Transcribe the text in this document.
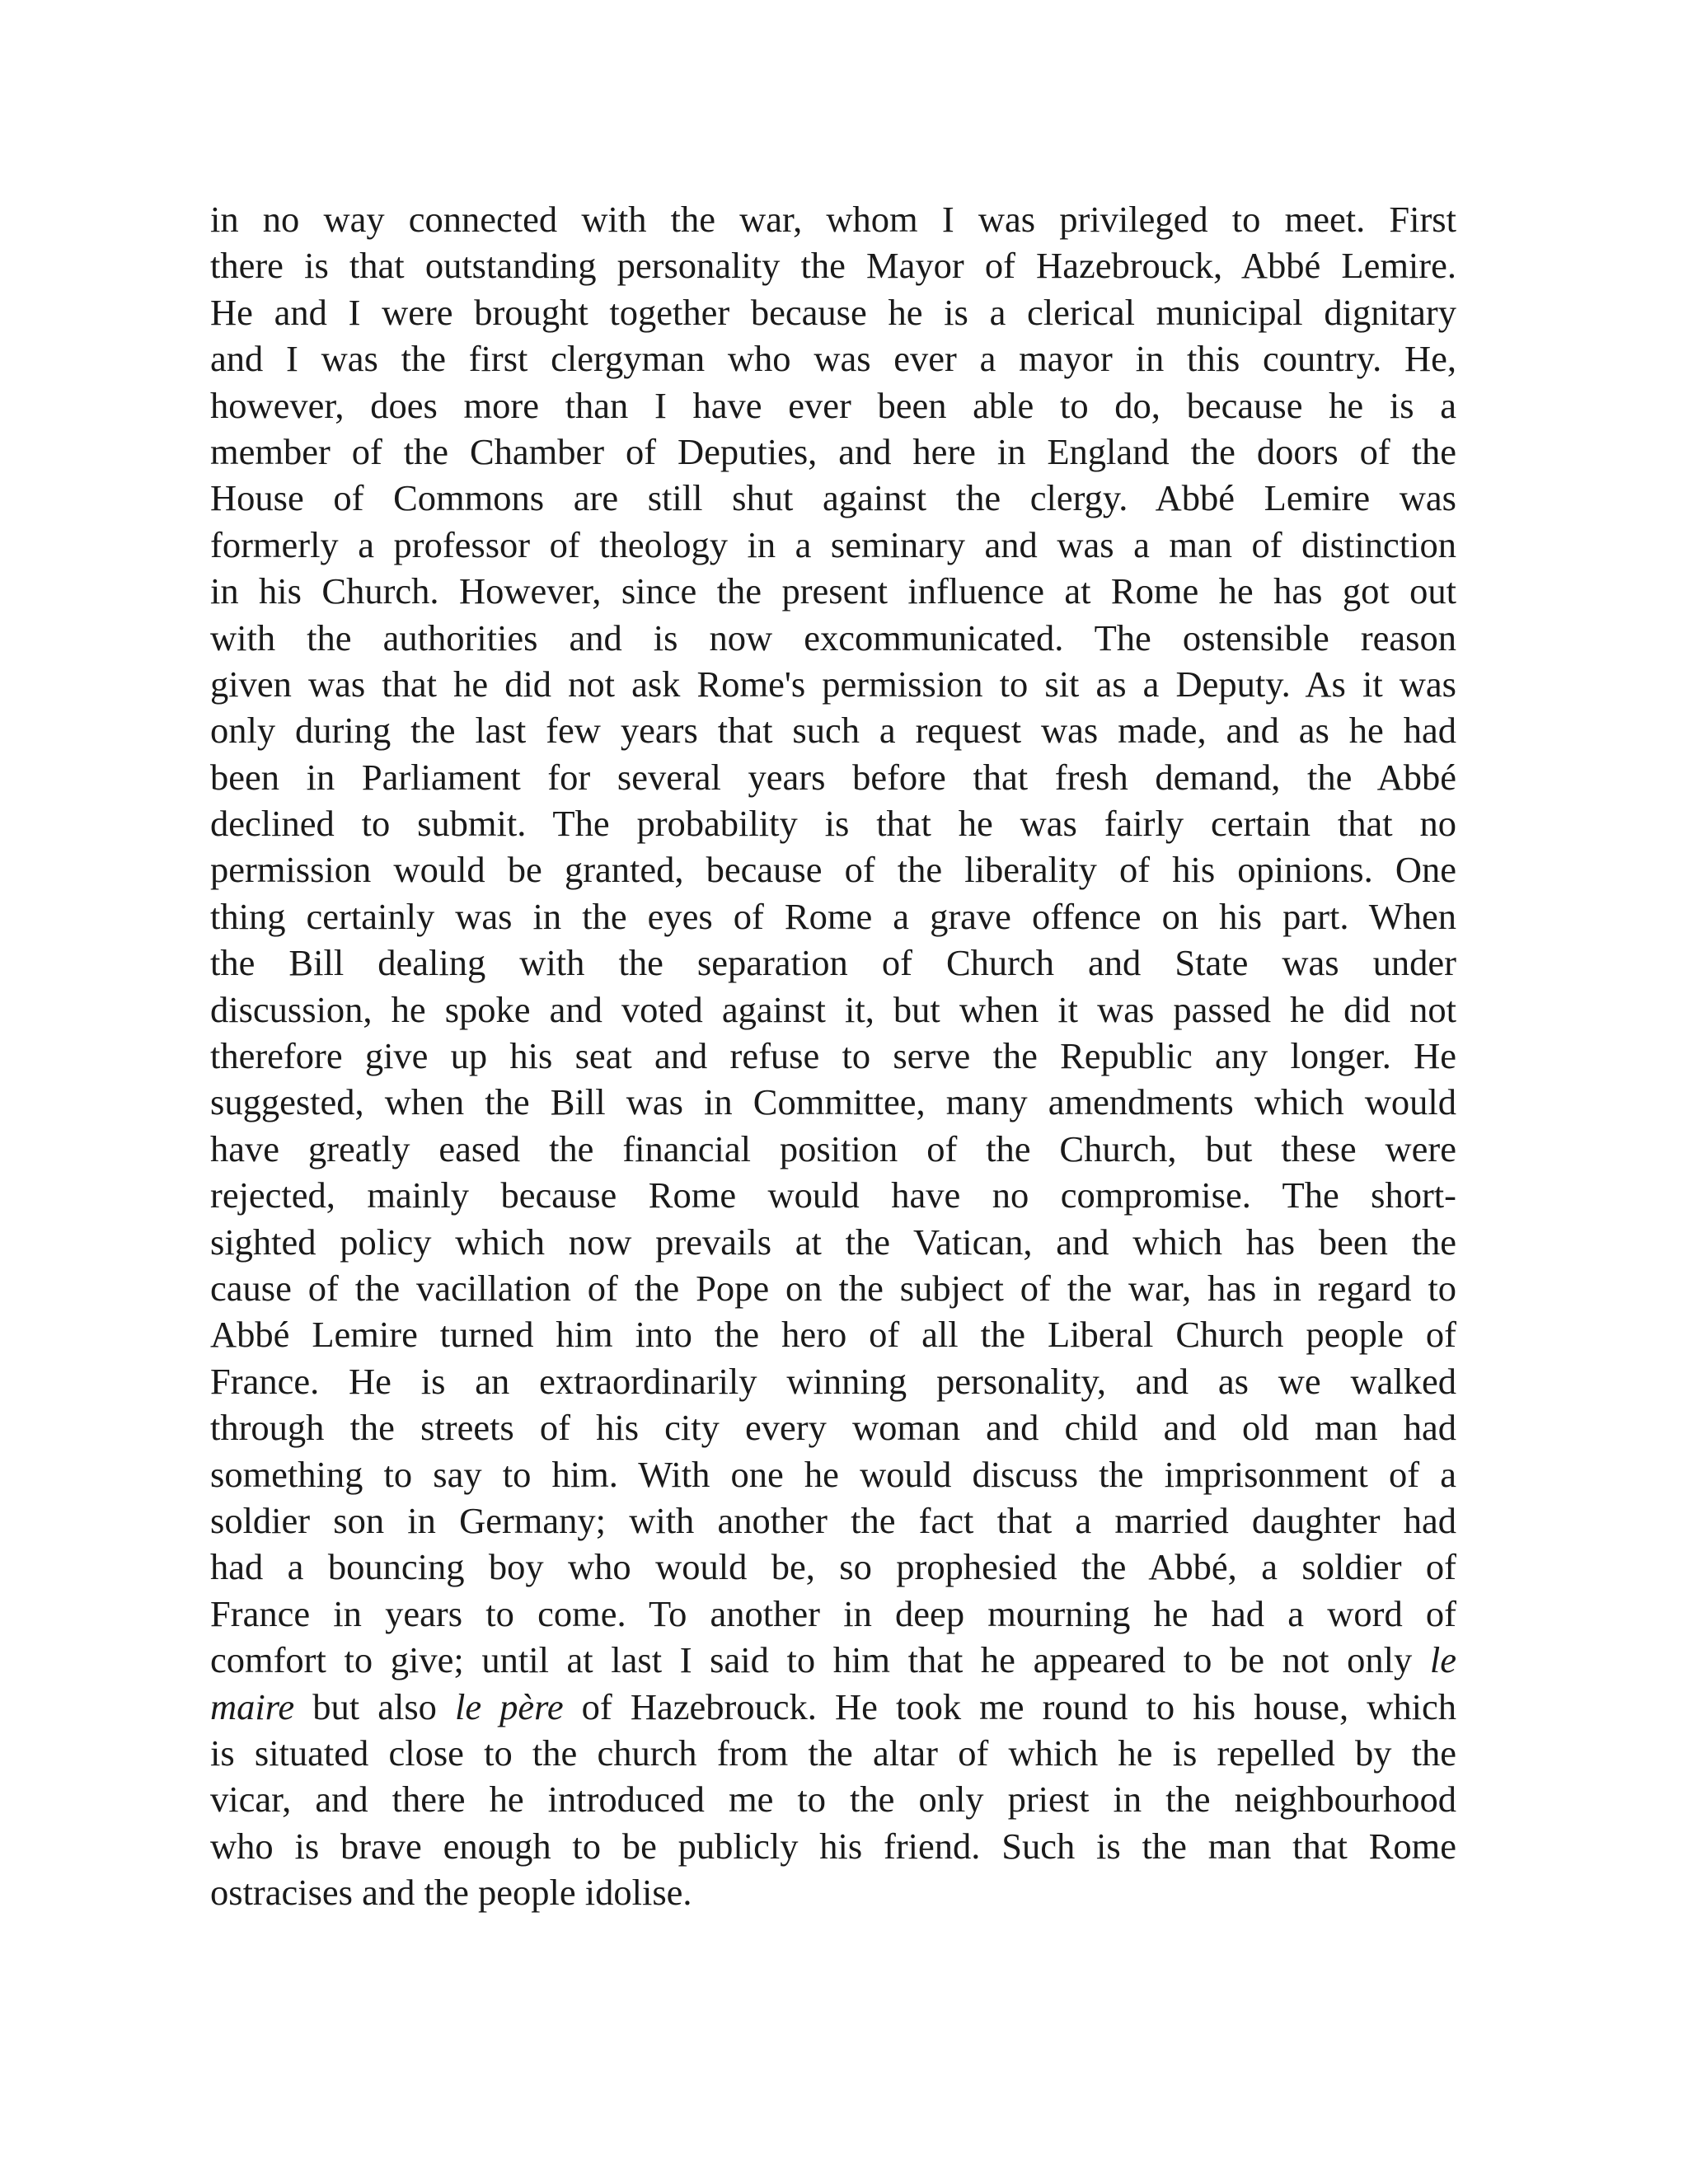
in no way connected with the war, whom I was privileged to meet. First
there is that outstanding personality the Mayor of Hazebrouck, Abbé Lemire.
He and I were brought together because he is a clerical municipal dignitary
and I was the first clergyman who was ever a mayor in this country. He,
however, does more than I have ever been able to do, because he is a
member of the Chamber of Deputies, and here in England the doors of the
House of Commons are still shut against the clergy. Abbé Lemire was
formerly a professor of theology in a seminary and was a man of distinction
in his Church. However, since the present influence at Rome he has got out
with the authorities and is now excommunicated. The ostensible reason
given was that he did not ask Rome's permission to sit as a Deputy. As it was
only during the last few years that such a request was made, and as he had
been in Parliament for several years before that fresh demand, the Abbé
declined to submit. The probability is that he was fairly certain that no
permission would be granted, because of the liberality of his opinions. One
thing certainly was in the eyes of Rome a grave offence on his part. When
the Bill dealing with the separation of Church and State was under
discussion, he spoke and voted against it, but when it was passed he did not
therefore give up his seat and refuse to serve the Republic any longer. He
suggested, when the Bill was in Committee, many amendments which would
have greatly eased the financial position of the Church, but these were
rejected, mainly because Rome would have no compromise. The short-
sighted policy which now prevails at the Vatican, and which has been the
cause of the vacillation of the Pope on the subject of the war, has in regard to
Abbé Lemire turned him into the hero of all the Liberal Church people of
France. He is an extraordinarily winning personality, and as we walked
through the streets of his city every woman and child and old man had
something to say to him. With one he would discuss the imprisonment of a
soldier son in Germany; with another the fact that a married daughter had
had a bouncing boy who would be, so prophesied the Abbé, a soldier of
France in years to come. To another in deep mourning he had a word of
comfort to give; until at last I said to him that he appeared to be not only le
maire but also le père of Hazebrouck. He took me round to his house, which
is situated close to the church from the altar of which he is repelled by the
vicar, and there he introduced me to the only priest in the neighbourhood
who is brave enough to be publicly his friend. Such is the man that Rome
ostracises and the people idolise.
